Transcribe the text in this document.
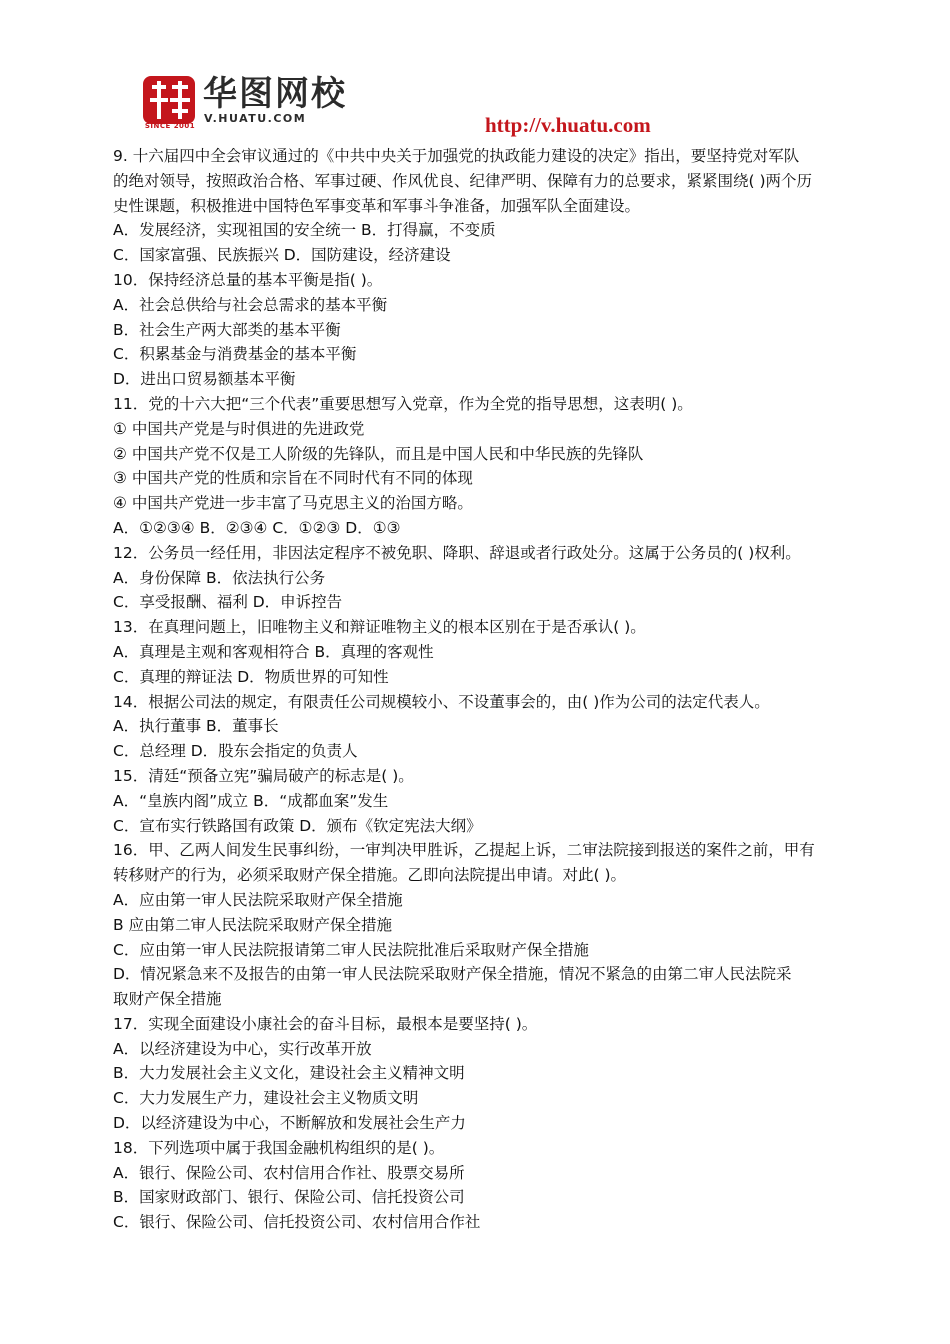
SINCE 2001
华图网校
V.HUATU.COM	http://v.huatu.com

9. 十六届四中全会审议通过的《中共中央关于加强党的执政能力建设的决定》指出，要坚持党对军队

的绝对领导，按照政治合格、军事过硬、作风优良、纪律严明、保障有力的总要求，紧紧围绕( )两个历

史性课题，积极推进中国特色军事变革和军事斗争准备，加强军队全面建设。

A．发展经济，实现祖国的安全统一 B．打得赢，不变质

C．国家富强、民族振兴 D．国防建设，经济建设

10．保持经济总量的基本平衡是指( )。

A．社会总供给与社会总需求的基本平衡

B．社会生产两大部类的基本平衡

C．积累基金与消费基金的基本平衡

D．进出口贸易额基本平衡

11．党的十六大把“三个代表”重要思想写入党章，作为全党的指导思想，这表明( )。

① 中国共产党是与时俱进的先进政党

② 中国共产党不仅是工人阶级的先锋队，而且是中国人民和中华民族的先锋队

③ 中国共产党的性质和宗旨在不同时代有不同的体现

④ 中国共产党进一步丰富了马克思主义的治国方略。

A．①②③④ B．②③④ C．①②③ D．①③

12．公务员一经任用，非因法定程序不被免职、降职、辞退或者行政处分。这属于公务员的( )权利。

A．身份保障 B．依法执行公务

C．享受报酬、福利 D．申诉控告

13．在真理问题上，旧唯物主义和辩证唯物主义的根本区别在于是否承认( )。

A．真理是主观和客观相符合 B．真理的客观性

C．真理的辩证法 D．物质世界的可知性

14．根据公司法的规定，有限责任公司规模较小、不设董事会的，由( )作为公司的法定代表人。

A．执行董事 B．董事长

C．总经理 D．股东会指定的负责人

15．清廷“预备立宪”骗局破产的标志是( )。

A．“皇族内阁”成立 B．“成都血案”发生

C．宣布实行铁路国有政策 D．颁布《钦定宪法大纲》

16．甲、乙两人间发生民事纠纷，一审判决甲胜诉，乙提起上诉，二审法院接到报送的案件之前，甲有

转移财产的行为，必须采取财产保全措施。乙即向法院提出申请。对此( )。

A．应由第一审人民法院采取财产保全措施

B 应由第二审人民法院采取财产保全措施

C．应由第一审人民法院报请第二审人民法院批准后采取财产保全措施

D．情况紧急来不及报告的由第一审人民法院采取财产保全措施，情况不紧急的由第二审人民法院采

取财产保全措施

17．实现全面建设小康社会的奋斗目标，最根本是要坚持( )。

A．以经济建设为中心，实行改革开放

B．大力发展社会主义文化，建设社会主义精神文明

C．大力发展生产力，建设社会主义物质文明

D．以经济建设为中心，不断解放和发展社会生产力

18．下列选项中属于我国金融机构组织的是( )。

A．银行、保险公司、农村信用合作社、股票交易所

B．国家财政部门、银行、保险公司、信托投资公司

C．银行、保险公司、信托投资公司、农村信用合作社
